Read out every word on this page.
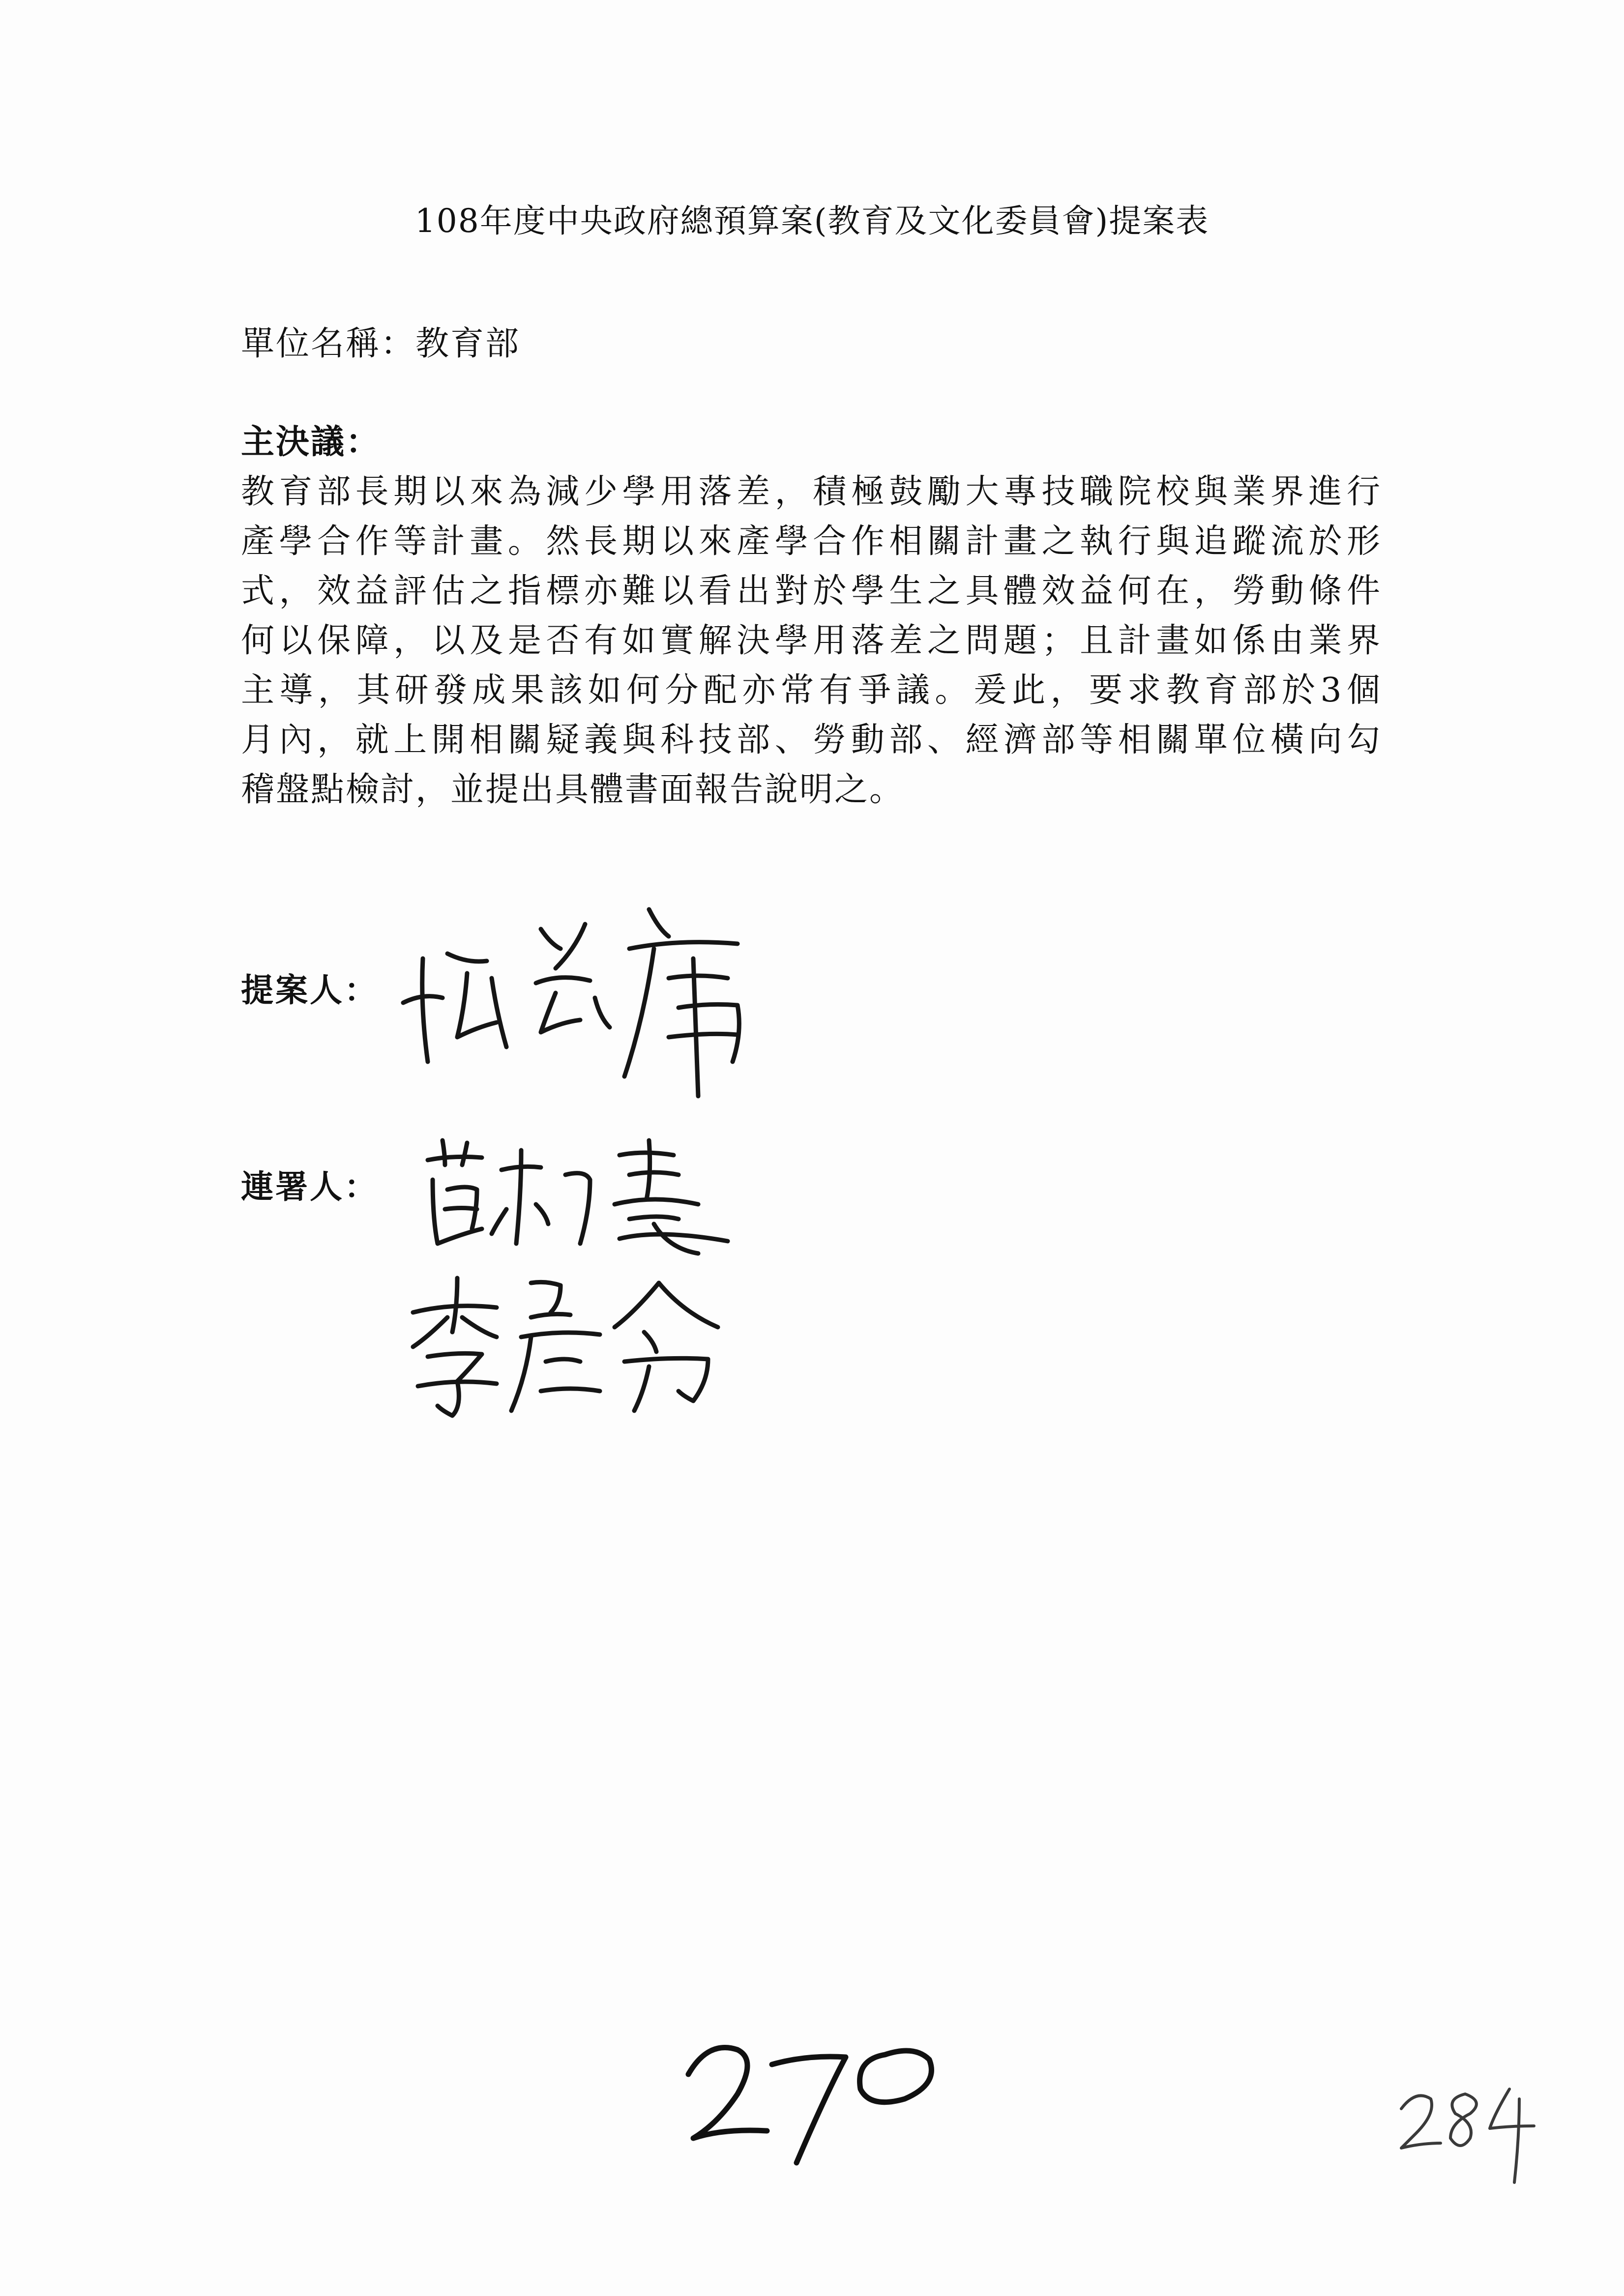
108年度中央政府總預算案(教育及文化委員會)提案表
單位名稱：教育部
主決議：
教育部長期以來為減少學用落差，積極鼓勵大專技職院校與業界進行
產學合作等計畫。然長期以來產學合作相關計畫之執行與追蹤流於形
式，效益評估之指標亦難以看出對於學生之具體效益何在，勞動條件
何以保障，以及是否有如實解決學用落差之問題；且計畫如係由業界
主導，其研發成果該如何分配亦常有爭議。爰此，要求教育部於3個
月內，就上開相關疑義與科技部、勞動部、經濟部等相關單位橫向勾
稽盤點檢討，並提出具體書面報告說明之。
提案人：
連署人：
